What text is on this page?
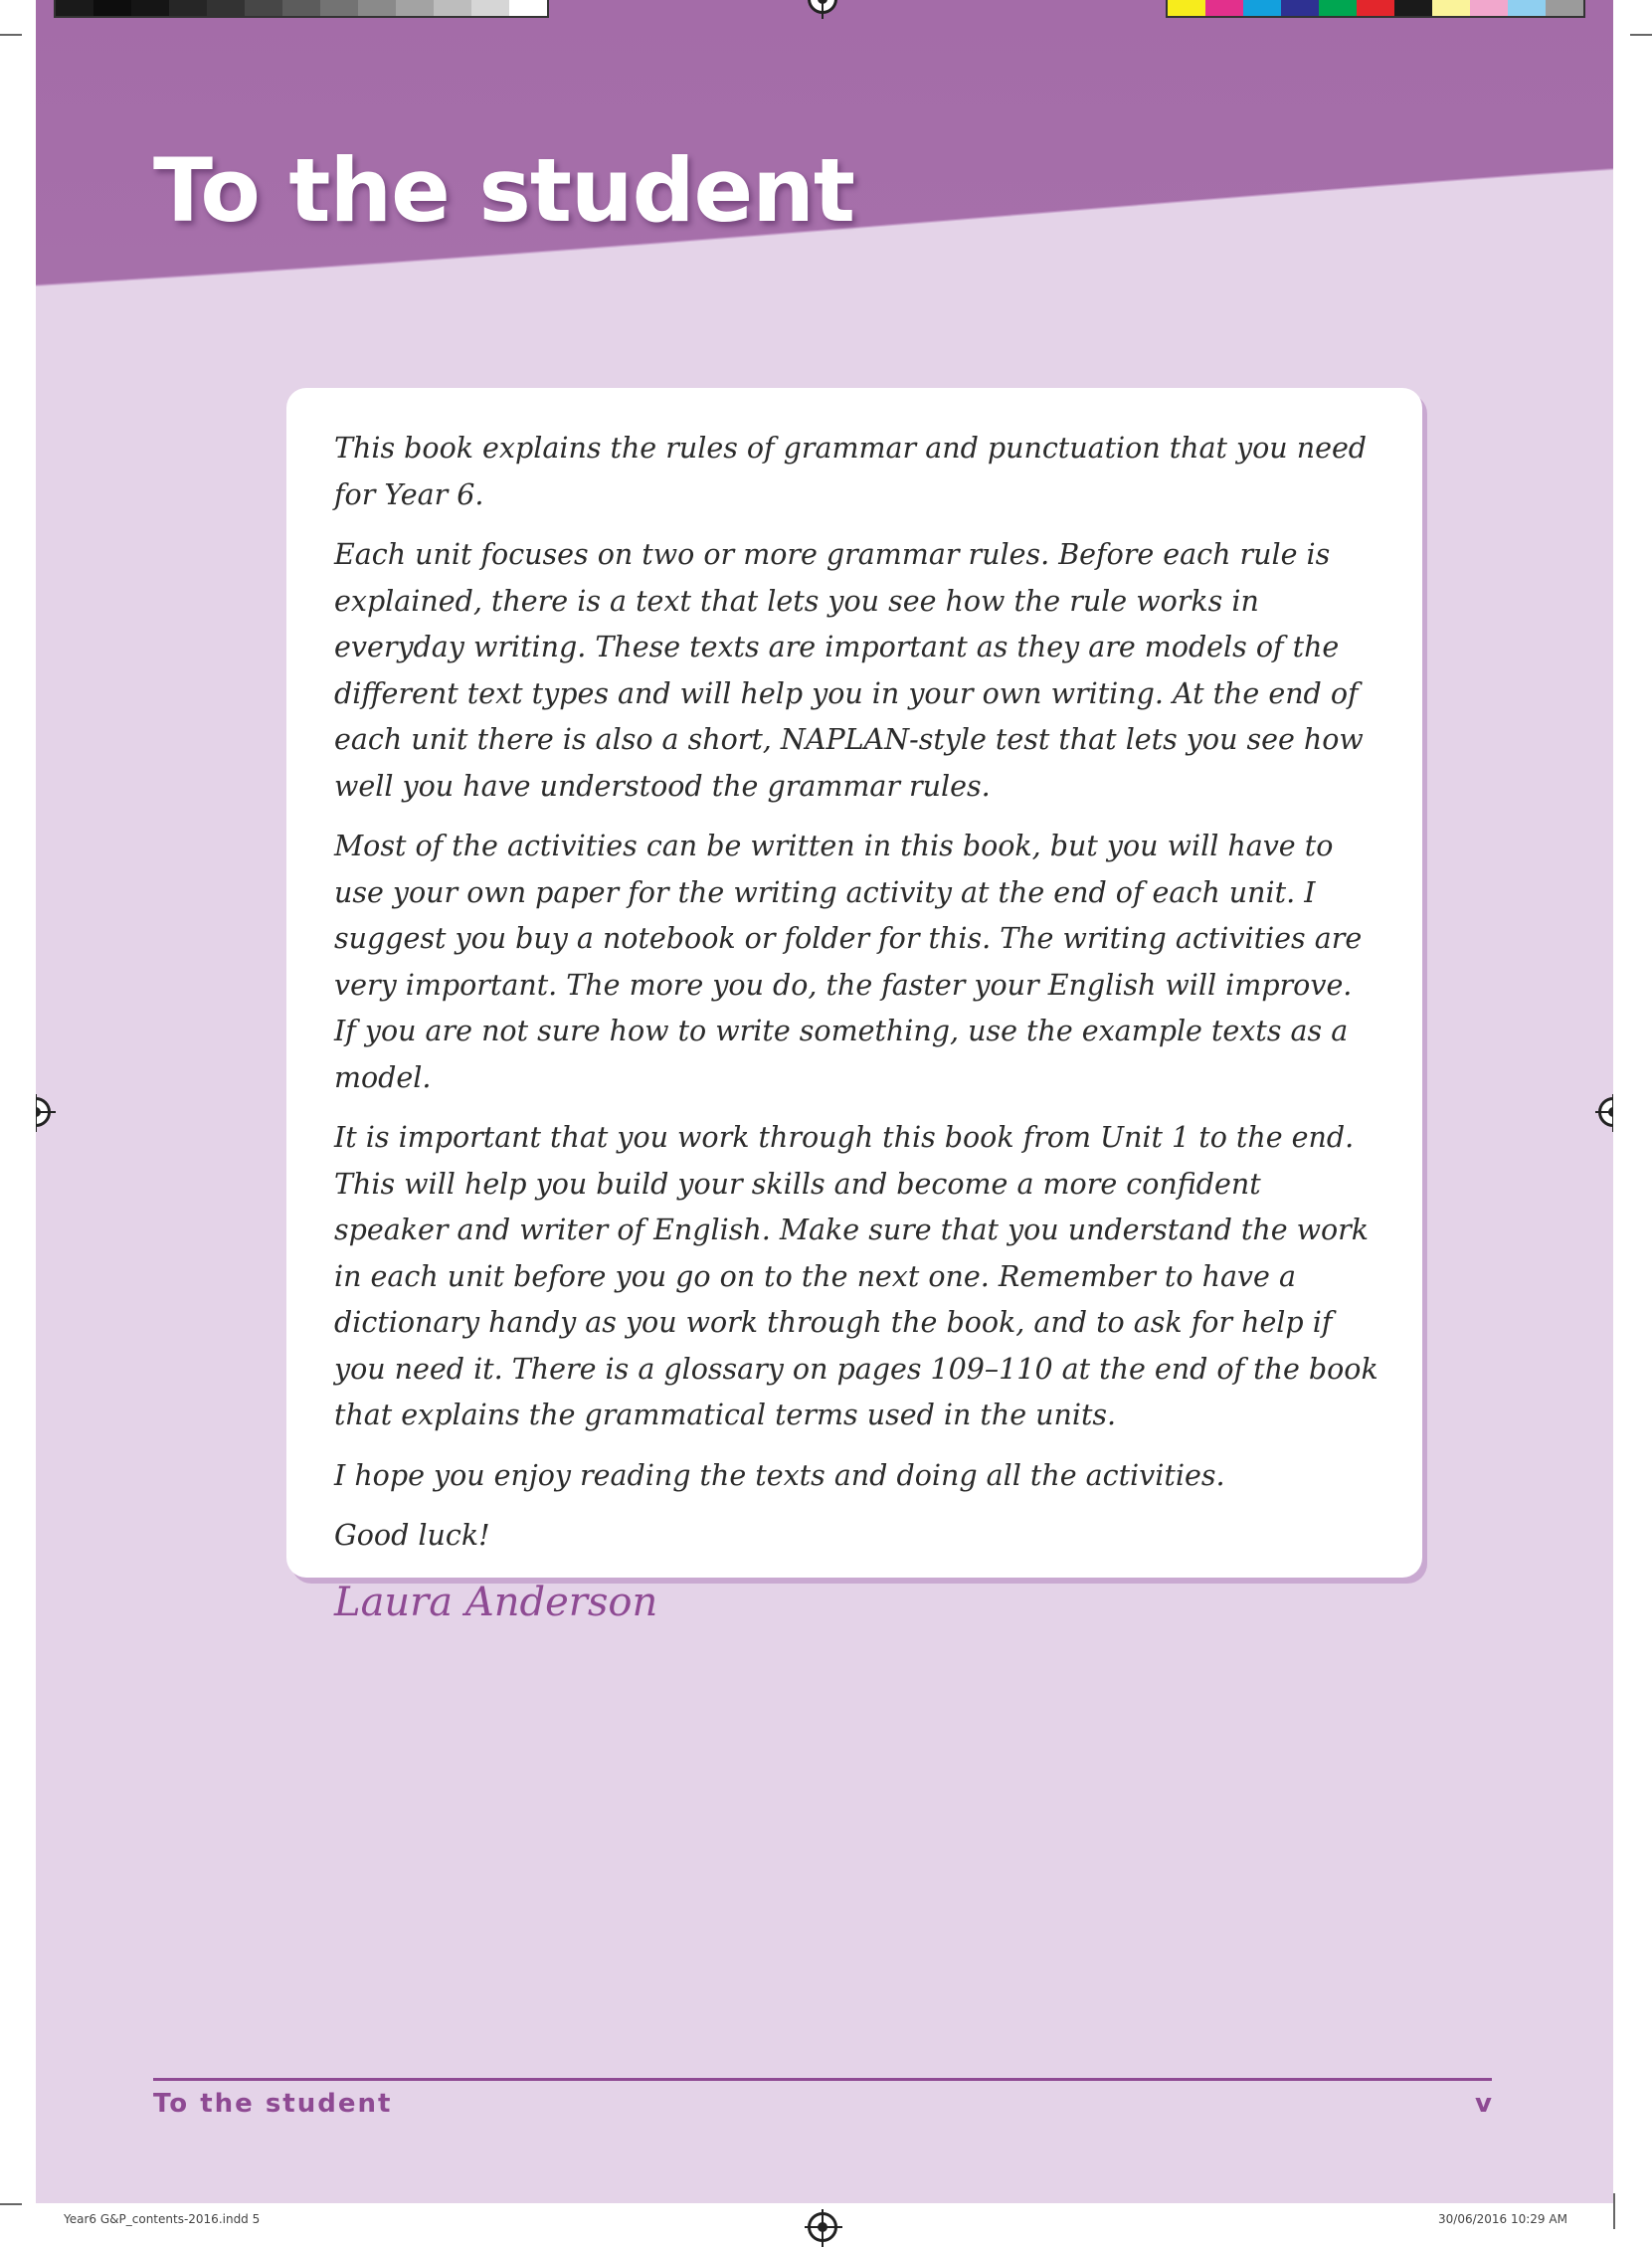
To the student

This book explains the rules of grammar and punctuation that you need for Year 6.

Each unit focuses on two or more grammar rules. Before each rule is explained, there is a text that lets you see how the rule works in everyday writing. These texts are important as they are models of the different text types and will help you in your own writing. At the end of each unit there is also a short, NAPLAN-style test that lets you see how well you have understood the grammar rules.

Most of the activities can be written in this book, but you will have to use your own paper for the writing activity at the end of each unit. I suggest you buy a notebook or folder for this. The writing activities are very important. The more you do, the faster your English will improve. If you are not sure how to write something, use the example texts as a model.

It is important that you work through this book from Unit 1 to the end. This will help you build your skills and become a more confident speaker and writer of English. Make sure that you understand the work in each unit before you go on to the next one. Remember to have a dictionary handy as you work through the book, and to ask for help if you need it. There is a glossary on pages 109–110 at the end of the book that explains the grammatical terms used in the units.

I hope you enjoy reading the texts and doing all the activities.

Good luck!

Laura Anderson
To the student	v
Year6 G&P_contents-2016.indd 5	30/06/2016 10:29 AM
